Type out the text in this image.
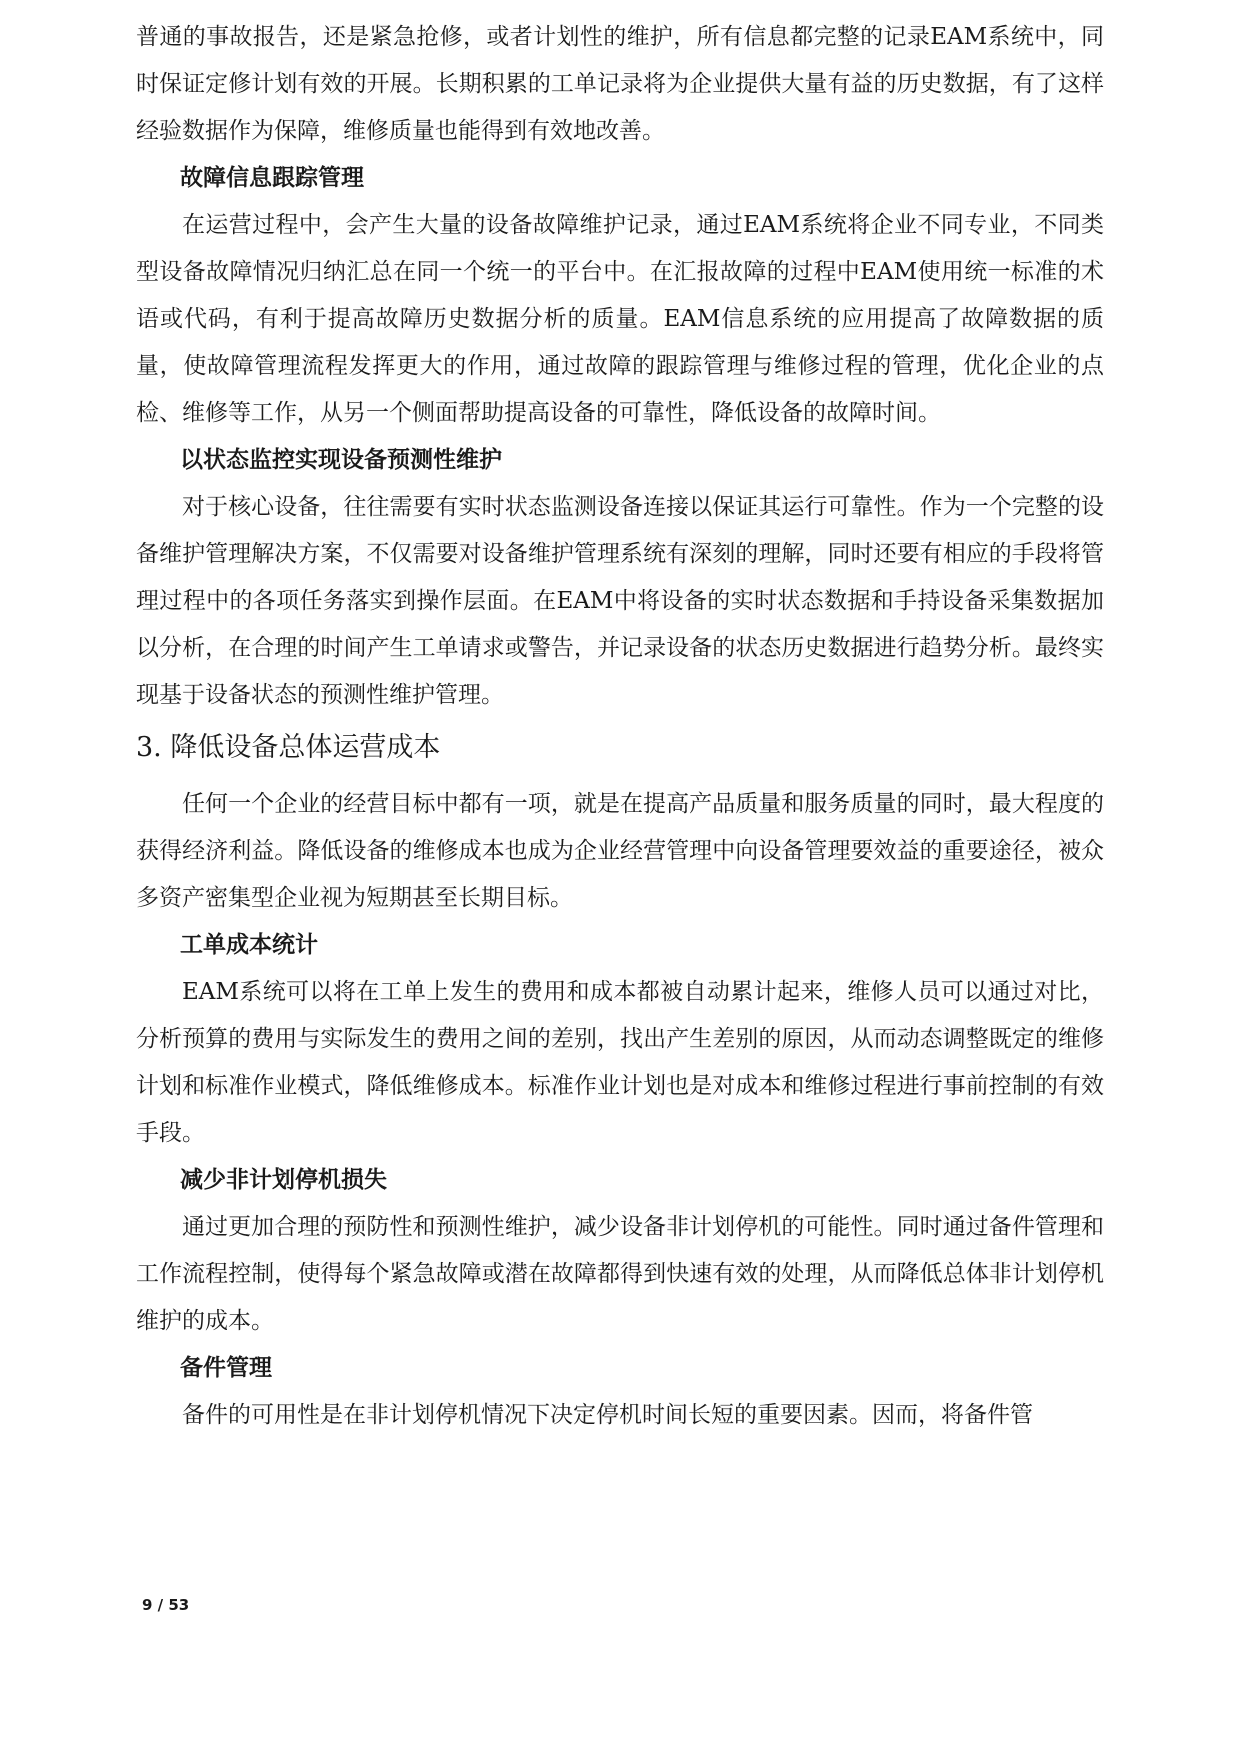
普通的事故报告，还是紧急抢修，或者计划性的维护，所有信息都完整的记录EAM系统中，同时保证定修计划有效的开展。长期积累的工单记录将为企业提供大量有益的历史数据，有了这样经验数据作为保障，维修质量也能得到有效地改善。

故障信息跟踪管理

在运营过程中，会产生大量的设备故障维护记录，通过EAM系统将企业不同专业，不同类型设备故障情况归纳汇总在同一个统一的平台中。在汇报故障的过程中EAM使用统一标准的术语或代码，有利于提高故障历史数据分析的质量。EAM信息系统的应用提高了故障数据的质量，使故障管理流程发挥更大的作用，通过故障的跟踪管理与维修过程的管理，优化企业的点检、维修等工作，从另一个侧面帮助提高设备的可靠性，降低设备的故障时间。

以状态监控实现设备预测性维护

对于核心设备，往往需要有实时状态监测设备连接以保证其运行可靠性。作为一个完整的设备维护管理解决方案，不仅需要对设备维护管理系统有深刻的理解，同时还要有相应的手段将管理过程中的各项任务落实到操作层面。在EAM中将设备的实时状态数据和手持设备采集数据加以分析，在合理的时间产生工单请求或警告，并记录设备的状态历史数据进行趋势分析。最终实现基于设备状态的预测性维护管理。

3. 降低设备总体运营成本

任何一个企业的经营目标中都有一项，就是在提高产品质量和服务质量的同时，最大程度的获得经济利益。降低设备的维修成本也成为企业经营管理中向设备管理要效益的重要途径，被众多资产密集型企业视为短期甚至长期目标。

工单成本统计

EAM系统可以将在工单上发生的费用和成本都被自动累计起来，维修人员可以通过对比，分析预算的费用与实际发生的费用之间的差别，找出产生差别的原因，从而动态调整既定的维修计划和标准作业模式，降低维修成本。标准作业计划也是对成本和维修过程进行事前控制的有效手段。

减少非计划停机损失

通过更加合理的预防性和预测性维护，减少设备非计划停机的可能性。同时通过备件管理和工作流程控制，使得每个紧急故障或潜在故障都得到快速有效的处理，从而降低总体非计划停机维护的成本。

备件管理

备件的可用性是在非计划停机情况下决定停机时间长短的重要因素。因而，将备件管

9 / 53
